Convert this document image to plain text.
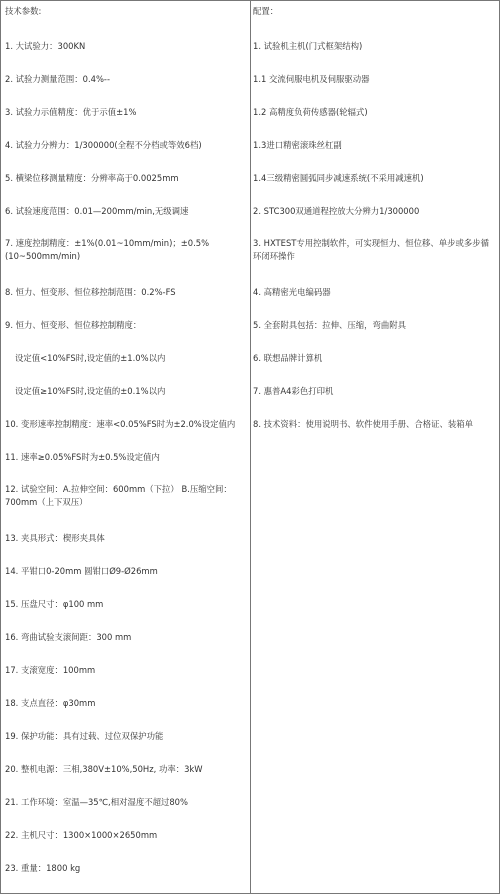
技术参数:
1. 大试验力：300KN
2. 试验力测量范围：0.4%--
3. 试验力示值精度：优于示值±1%
4. 试验力分辨力：1/300000(全程不分档或等效6档)
5. 横梁位移测量精度：分辨率高于0.0025mm
6. 试验速度范围：0.01—200mm/min,无级调速
7. 速度控制精度：±1%(0.01~10mm/min)；±0.5%(10~500mm/min)
8. 恒力、恒变形、恒位移控制范围：0.2%-FS
9. 恒力、恒变形、恒位移控制精度：
设定值<10%FS时,设定值的±1.0%以内
设定值≥10%FS时,设定值的±0.1%以内
10. 变形速率控制精度：速率<0.05%FS时为±2.0%设定值内
11. 速率≥0.05%FS时为±0.5%设定值内
12. 试验空间：A.拉伸空间：600mm（下拉） B.压缩空间：700mm（上下双压）
13. 夹具形式：楔形夹具体
14. 平钳口0-20mm 圆钳口Ø9-Ø26mm
15. 压盘尺寸：φ100 mm
16. 弯曲试验支滚间距：300 mm
17. 支滚宽度：100mm
18. 支点直径：φ30mm
19. 保护功能：具有过载、过位双保护功能
20. 整机电源：三相,380V±10%,50Hz, 功率：3kW
21. 工作环境：室温—35℃,相对湿度不超过80%
22. 主机尺寸：1300×1000×2650mm
23. 重量：1800 kg
配置：
1. 试验机主机(门式框架结构)
1.1 交流伺服电机及伺服驱动器
1.2 高精度负荷传感器(轮辐式)
1.3进口精密滚珠丝杠副
1.4三级精密圆弧同步减速系统(不采用减速机)
2. STC300双通道程控放大分辨力1/300000
3. HXTEST专用控制软件，可实现恒力、恒位移、单步或多步循环闭环操作
4. 高精密光电编码器
5. 全套附具包括：拉伸、压缩，弯曲附具
6. 联想品牌计算机
7. 惠普A4彩色打印机
8. 技术资料：使用说明书、软件使用手册、合格证、装箱单
